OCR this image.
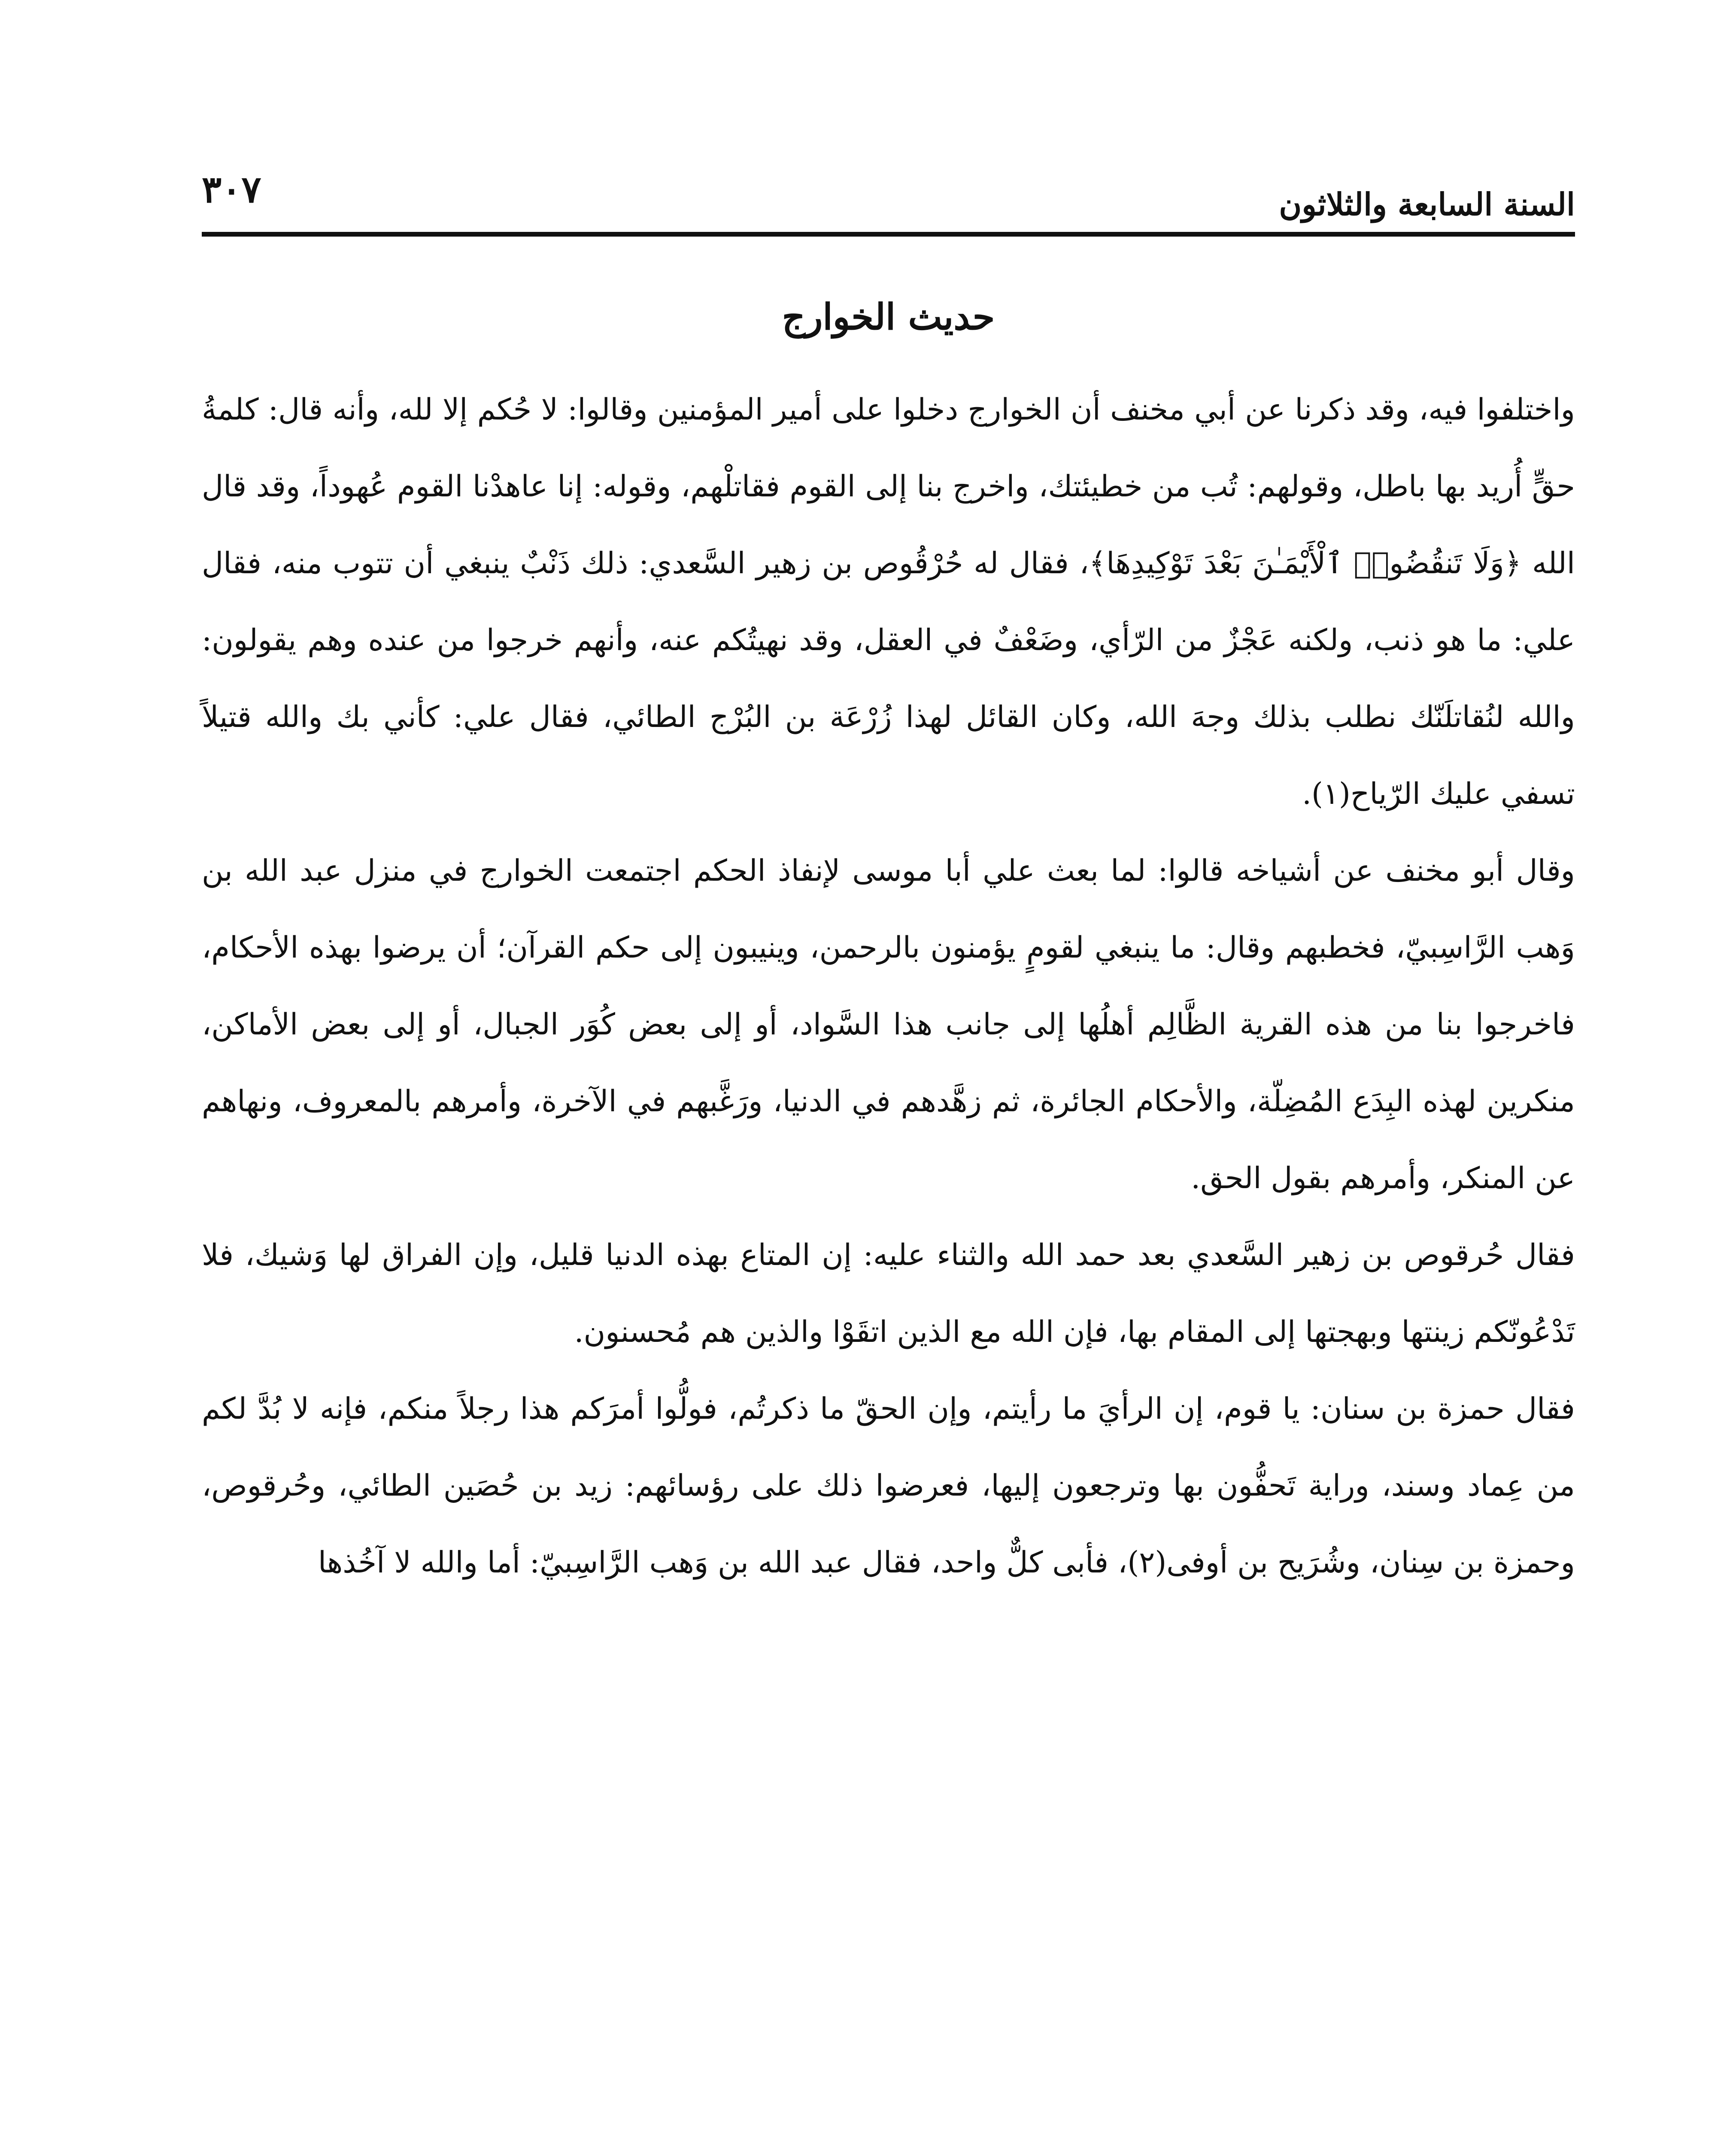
السنة السابعة والثلاثون
٣٠٧
حديث الخوارج

واختلفوا فيه، وقد ذكرنا عن أبي مخنف أن الخوارج دخلوا على أمير المؤمنين وقالوا: لا حُكم إلا لله، وأنه قال: كلمةُ حقٍّ أُريد بها باطل، وقولهم: تُب من خطيئتك، واخرج بنا إلى القوم فقاتلْهم، وقوله: إنا عاهدْنا القوم عُهوداً، وقد قال الله ﴿وَلَا تَنقُضُوا۟ ٱلْأَيْمَـٰنَ بَعْدَ تَوْكِيدِهَا﴾، فقال له حُرْقُوص بن زهير السَّعدي: ذلك ذَنْبٌ ينبغي أن تتوب منه، فقال علي: ما هو ذنب، ولكنه عَجْزٌ من الرّأي، وضَعْفٌ في العقل، وقد نهيتُكم عنه، وأنهم خرجوا من عنده وهم يقولون: والله لنُقاتلَنّك نطلب بذلك وجهَ الله، وكان القائل لهذا زُرْعَة بن البُرْج الطائي، فقال علي: كأني بك والله قتيلاً تسفي عليك الرّياح(١).

وقال أبو مخنف عن أشياخه قالوا: لما بعث علي أبا موسى لإنفاذ الحكم اجتمعت الخوارج في منزل عبد الله بن وَهب الرَّاسِبيّ، فخطبهم وقال: ما ينبغي لقومٍ يؤمنون بالرحمن، وينيبون إلى حكم القرآن؛ أن يرضوا بهذه الأحكام، فاخرجوا بنا من هذه القرية الظَّالِم أهلُها إلى جانب هذا السَّواد، أو إلى بعض كُوَر الجبال، أو إلى بعض الأماكن، منكرين لهذه البِدَع المُضِلّة، والأحكام الجائرة، ثم زهَّدهم في الدنيا، ورَغَّبهم في الآخرة، وأمرهم بالمعروف، ونهاهم عن المنكر، وأمرهم بقول الحق.

فقال حُرقوص بن زهير السَّعدي بعد حمد الله والثناء عليه: إن المتاع بهذه الدنيا قليل، وإن الفراق لها وَشيك، فلا تَدْعُونّكم زينتها وبهجتها إلى المقام بها، فإن الله مع الذين اتقَوْا والذين هم مُحسنون.

فقال حمزة بن سنان: يا قوم، إن الرأيَ ما رأيتم، وإن الحقّ ما ذكرتُم، فولُّوا أمرَكم هذا رجلاً منكم، فإنه لا بُدَّ لكم من عِماد وسند، وراية تَحفُّون بها وترجعون إليها، فعرضوا ذلك على رؤسائهم: زيد بن حُصَين الطائي، وحُرقوص، وحمزة بن سِنان، وشُرَيح بن أوفى(٢)، فأبى كلٌّ واحد، فقال عبد الله بن وَهب الرَّاسِبيّ: أما والله لا آخُذها
